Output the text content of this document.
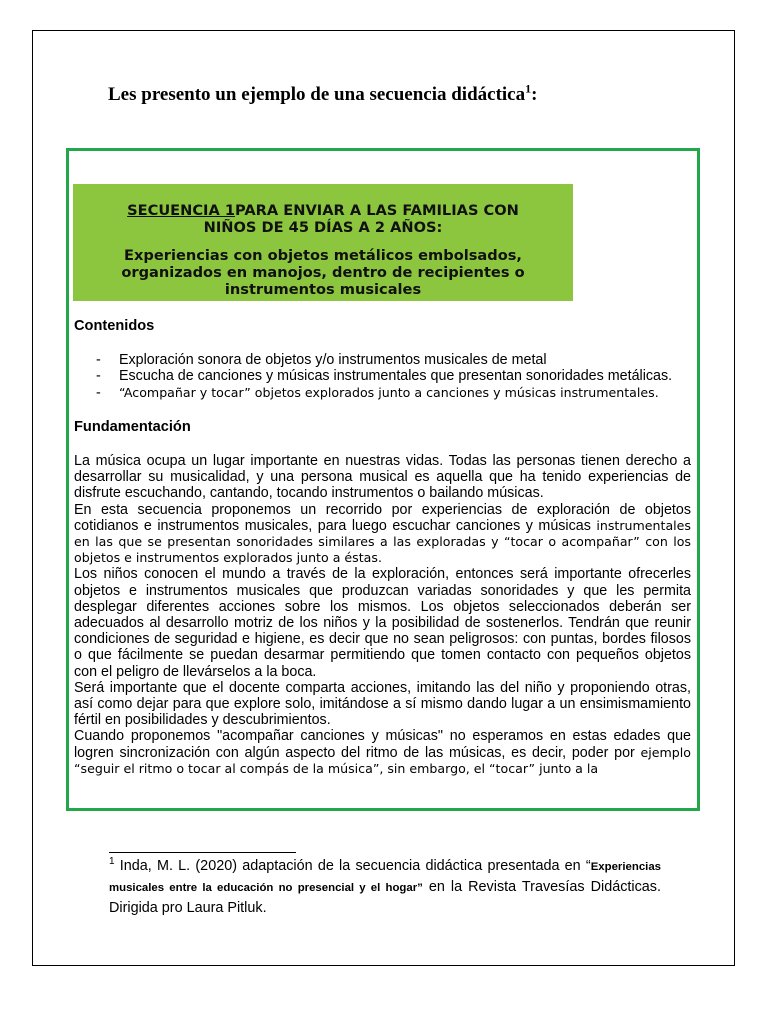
Les presento un ejemplo de una secuencia didáctica$^1$:
SECUENCIA 1PARA ENVIAR A LAS FAMILIAS CON
NIÑOS DE 45 DÍAS A 2 AÑOS:
Experiencias con objetos metálicos embolsados,
organizados en manojos, dentro de recipientes o
instrumentos musicales

Contenidos

- Exploración sonora de objetos y/o instrumentos musicales de metal
- Escucha de canciones y músicas instrumentales que presentan sonoridades metálicas.
- “Acompañar y tocar” objetos explorados junto a canciones y músicas instrumentales.

Fundamentación

La música ocupa un lugar importante en nuestras vidas. Todas las personas tienen derecho a desarrollar su musicalidad, y una persona musical es aquella que ha tenido experiencias de disfrute escuchando, cantando, tocando instrumentos o bailando músicas.

En esta secuencia proponemos un recorrido por experiencias de exploración de objetos cotidianos e instrumentos musicales, para luego escuchar canciones y músicas instrumentales en las que se presentan sonoridades similares a las exploradas y “tocar o acompañar” con los objetos e instrumentos explorados junto a éstas.

Los niños conocen el mundo a través de la exploración, entonces será importante ofrecerles objetos e instrumentos musicales que produzcan variadas sonoridades y que les permita desplegar diferentes acciones sobre los mismos. Los objetos seleccionados deberán ser adecuados al desarrollo motriz de los niños y la posibilidad de sostenerlos. Tendrán que reunir condiciones de seguridad e higiene, es decir que no sean peligrosos: con puntas, bordes filosos o que fácilmente se puedan desarmar permitiendo que tomen contacto con pequeños objetos con el peligro de llevárselos a la boca.

Será importante que el docente comparta acciones, imitando las del niño y proponiendo otras, así como dejar para que explore solo, imitándose a sí mismo dando lugar a un ensimismamiento fértil en posibilidades y descubrimientos.

Cuando proponemos "acompañar canciones y músicas" no esperamos en estas edades que logren sincronización con algún aspecto del ritmo de las músicas, es decir, poder por ejemplo “seguir el ritmo o tocar al compás de la música”, sin embargo, el “tocar” junto a la

$^1$ Inda, M. L. (2020) adaptación de la secuencia didáctica presentada en “Experiencias musicales entre la educación no presencial y el hogar” en la Revista Travesías Didácticas. Dirigida pro Laura Pitluk.
